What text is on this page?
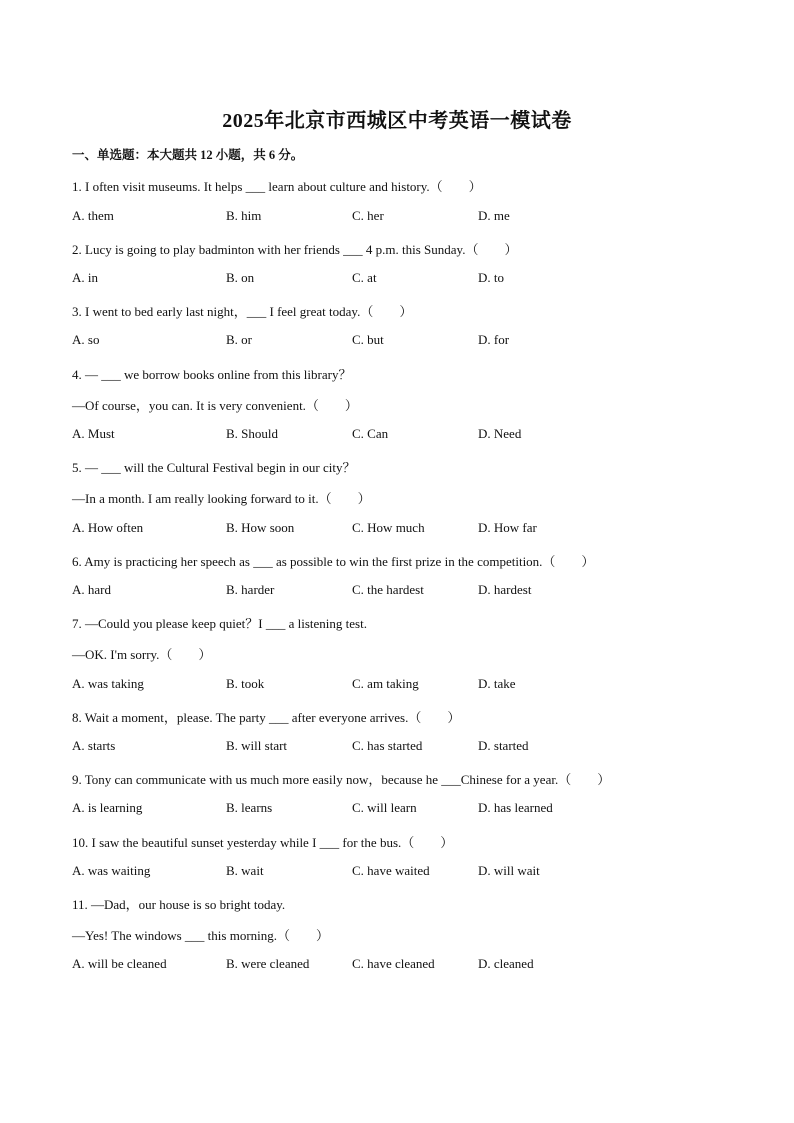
2025年北京市西城区中考英语一模试卷
一、单选题：本大题共 12 小题，共 6 分。
1. I often visit museums. It helps ___ learn about culture and history.（　　）
A. them	B. him	C. her	D. me
2. Lucy is going to play badminton with her friends ___ 4 p.m. this Sunday.（　　）
A. in	B. on	C. at	D. to
3. I went to bed early last night，___ I feel great today.（　　）
A. so	B. or	C. but	D. for
4. — ___ we borrow books online from this library？
—Of course，you can. It is very convenient.（　　）
A. Must	B. Should	C. Can	D. Need
5. — ___ will the Cultural Festival begin in our city？
—In a month. I am really looking forward to it.（　　）
A. How often	B. How soon	C. How much	D. How far
6. Amy is practicing her speech as ___ as possible to win the first prize in the competition.（　　）
A. hard	B. harder	C. the hardest	D. hardest
7. —Could you please keep quiet？I ___ a listening test.
—OK. I'm sorry.（　　）
A. was taking	B. took	C. am taking	D. take
8. Wait a moment，please. The party ___ after everyone arrives.（　　）
A. starts	B. will start	C. has started	D. started
9. Tony can communicate with us much more easily now，because he ___Chinese for a year.（　　）
A. is learning	B. learns	C. will learn	D. has learned
10. I saw the beautiful sunset yesterday while I ___ for the bus.（　　）
A. was waiting	B. wait	C. have waited	D. will wait
11. —Dad，our house is so bright today.
—Yes! The windows ___ this morning.（　　）
A. will be cleaned	B. were cleaned	C. have cleaned	D. cleaned
